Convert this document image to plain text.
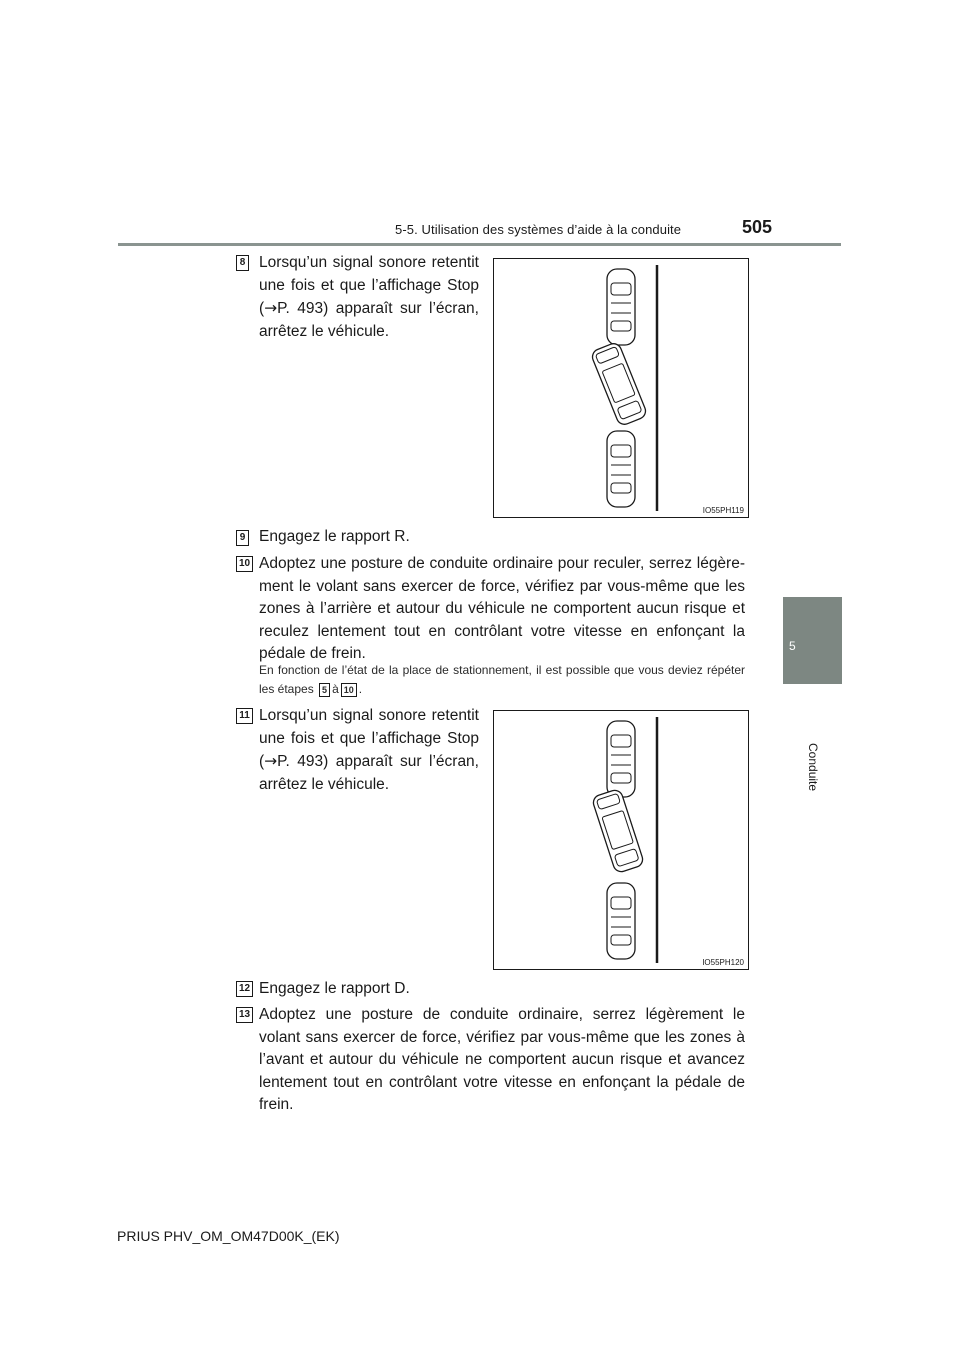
5-5. Utilisation des systèmes d’aide à la conduite	505
5
Conduite
8 Lorsqu’un signal sonore retentit une fois et que l’affichage Stop (→P. 493) apparaît sur l’écran, arrêtez le véhicule.
IO55PH119
9 Engagez le rapport R.
10 Adoptez une posture de conduite ordinaire pour reculer, serrez légère-ment le volant sans exercer de force, vérifiez par vous-même que les zones à l’arrière et autour du véhicule ne comportent aucun risque et reculez lentement tout en contrôlant votre vitesse en enfonçant la pédale de frein.
En fonction de l’état de la place de stationnement, il est possible que vous deviez répéter les étapes 5 à 10 .
11 Lorsqu’un signal sonore retentit une fois et que l’affichage Stop (→P. 493) apparaît sur l’écran, arrêtez le véhicule.
IO55PH120
12 Engagez le rapport D.
13 Adoptez une posture de conduite ordinaire, serrez légèrement le volant sans exercer de force, vérifiez par vous-même que les zones à l’avant et autour du véhicule ne comportent aucun risque et avancez lentement tout en contrôlant votre vitesse en enfonçant la pédale de frein.
PRIUS PHV_OM_OM47D00K_(EK)
